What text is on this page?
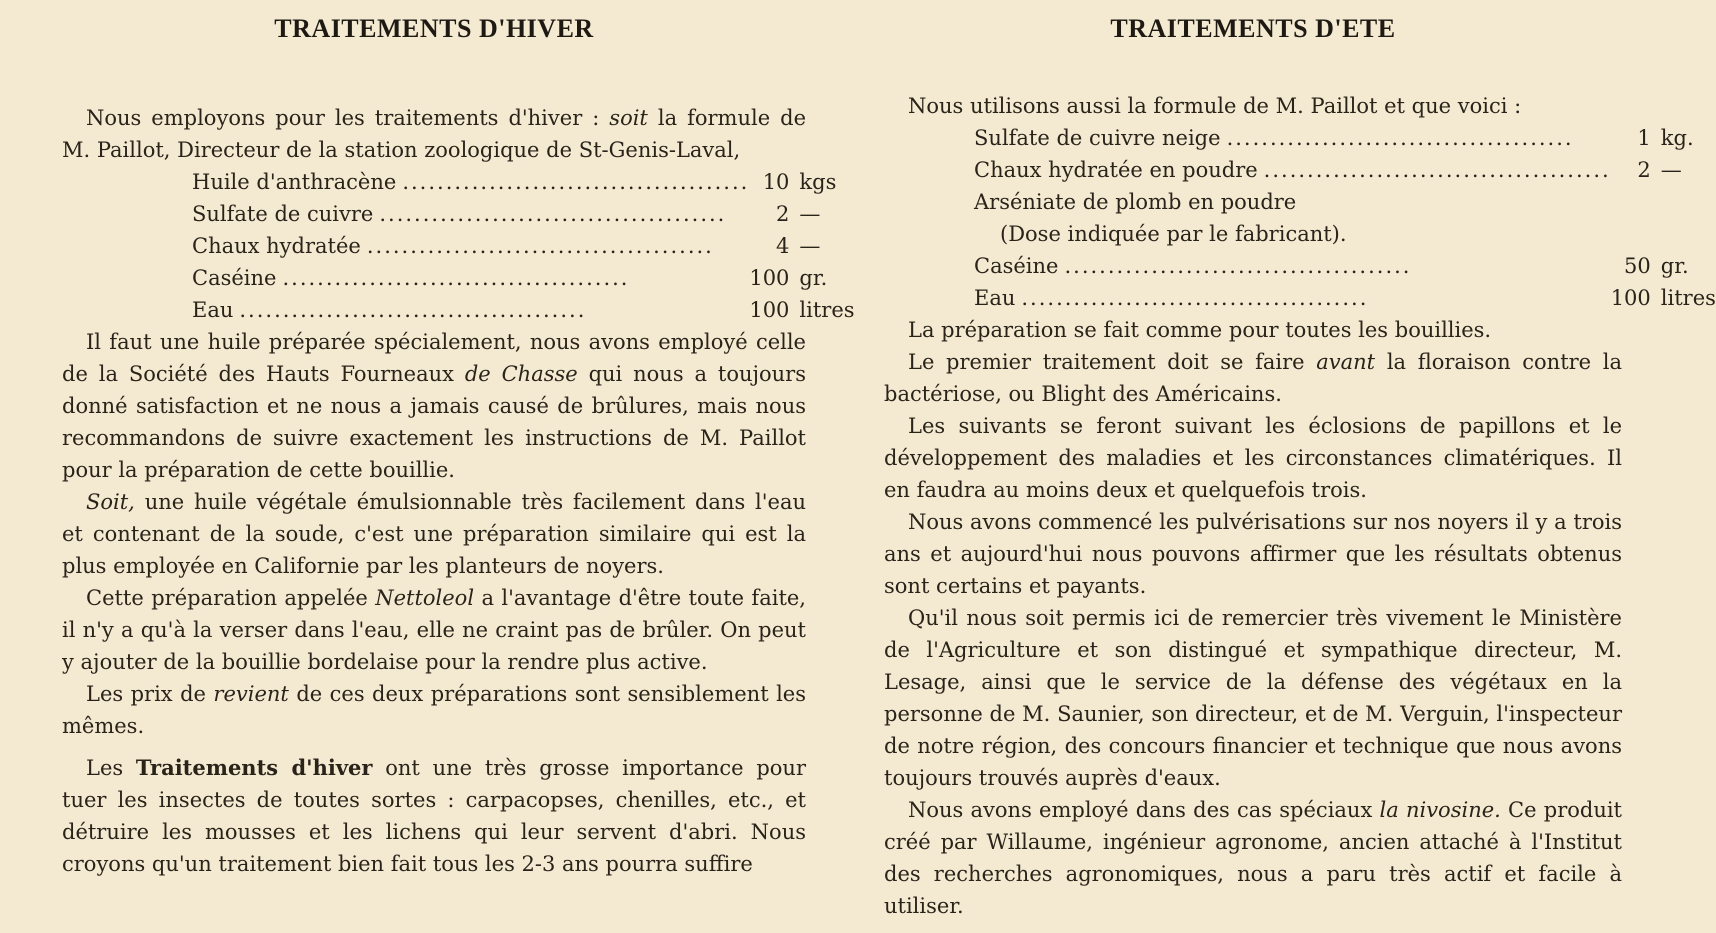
TRAITEMENTS D'HIVER

Nous employons pour les traitements d'hiver : soit la formule de M. Paillot, Directeur de la station zoologique de St-Genis-Laval,

Huile d'anthracène ........................................	10	kgs

Sulfate de cuivre ........................................	2	—

Chaux hydratée ........................................	4	—

Caséine ........................................	100	gr.

Eau ........................................	100	litres

Il faut une huile préparée spécialement, nous avons employé celle de la Société des Hauts Fourneaux de Chasse qui nous a toujours donné satisfaction et ne nous a jamais causé de brûlures, mais nous recommandons de suivre exactement les instructions de M. Paillot pour la préparation de cette bouillie.

Soit, une huile végétale émulsionnable très facilement dans l'eau et contenant de la soude, c'est une préparation similaire qui est la plus employée en Californie par les planteurs de noyers.

Cette préparation appelée Nettoleol a l'avantage d'être toute faite, il n'y a qu'à la verser dans l'eau, elle ne craint pas de brûler. On peut y ajouter de la bouillie bordelaise pour la rendre plus active.

Les prix de revient de ces deux préparations sont sensiblement les mêmes.

Les Traitements d'hiver ont une très grosse importance pour tuer les insectes de toutes sortes : carpacopses, chenilles, etc., et détruire les mousses et les lichens qui leur servent d'abri. Nous croyons qu'un traitement bien fait tous les 2-3 ans pourra suffire

TRAITEMENTS D'ETE

Nous utilisons aussi la formule de M. Paillot et que voici :

Sulfate de cuivre neige ........................................	1	kg.

Chaux hydratée en poudre ........................................	2	—
Arséniate de plomb en poudre		
(Dose indiquée par le fabricant).		

Caséine ........................................	50	gr.

Eau ........................................	100	litres

La préparation se fait comme pour toutes les bouillies.

Le premier traitement doit se faire avant la floraison contre la bactériose, ou Blight des Américains.

Les suivants se feront suivant les éclosions de papillons et le développement des maladies et les circonstances climatériques. Il en faudra au moins deux et quelquefois trois.

Nous avons commencé les pulvérisations sur nos noyers il y a trois ans et aujourd'hui nous pouvons affirmer que les résultats obtenus sont certains et payants.

Qu'il nous soit permis ici de remercier très vivement le Ministère de l'Agriculture et son distingué et sympathique directeur, M. Lesage, ainsi que le service de la défense des végétaux en la personne de M. Saunier, son directeur, et de M. Verguin, l'inspecteur de notre région, des concours financier et technique que nous avons toujours trouvés auprès d'eaux.

Nous avons employé dans des cas spéciaux la nivosine. Ce produit créé par Willaume, ingénieur agronome, ancien attaché à l'Institut des recherches agronomiques, nous a paru très actif et facile à utiliser.
